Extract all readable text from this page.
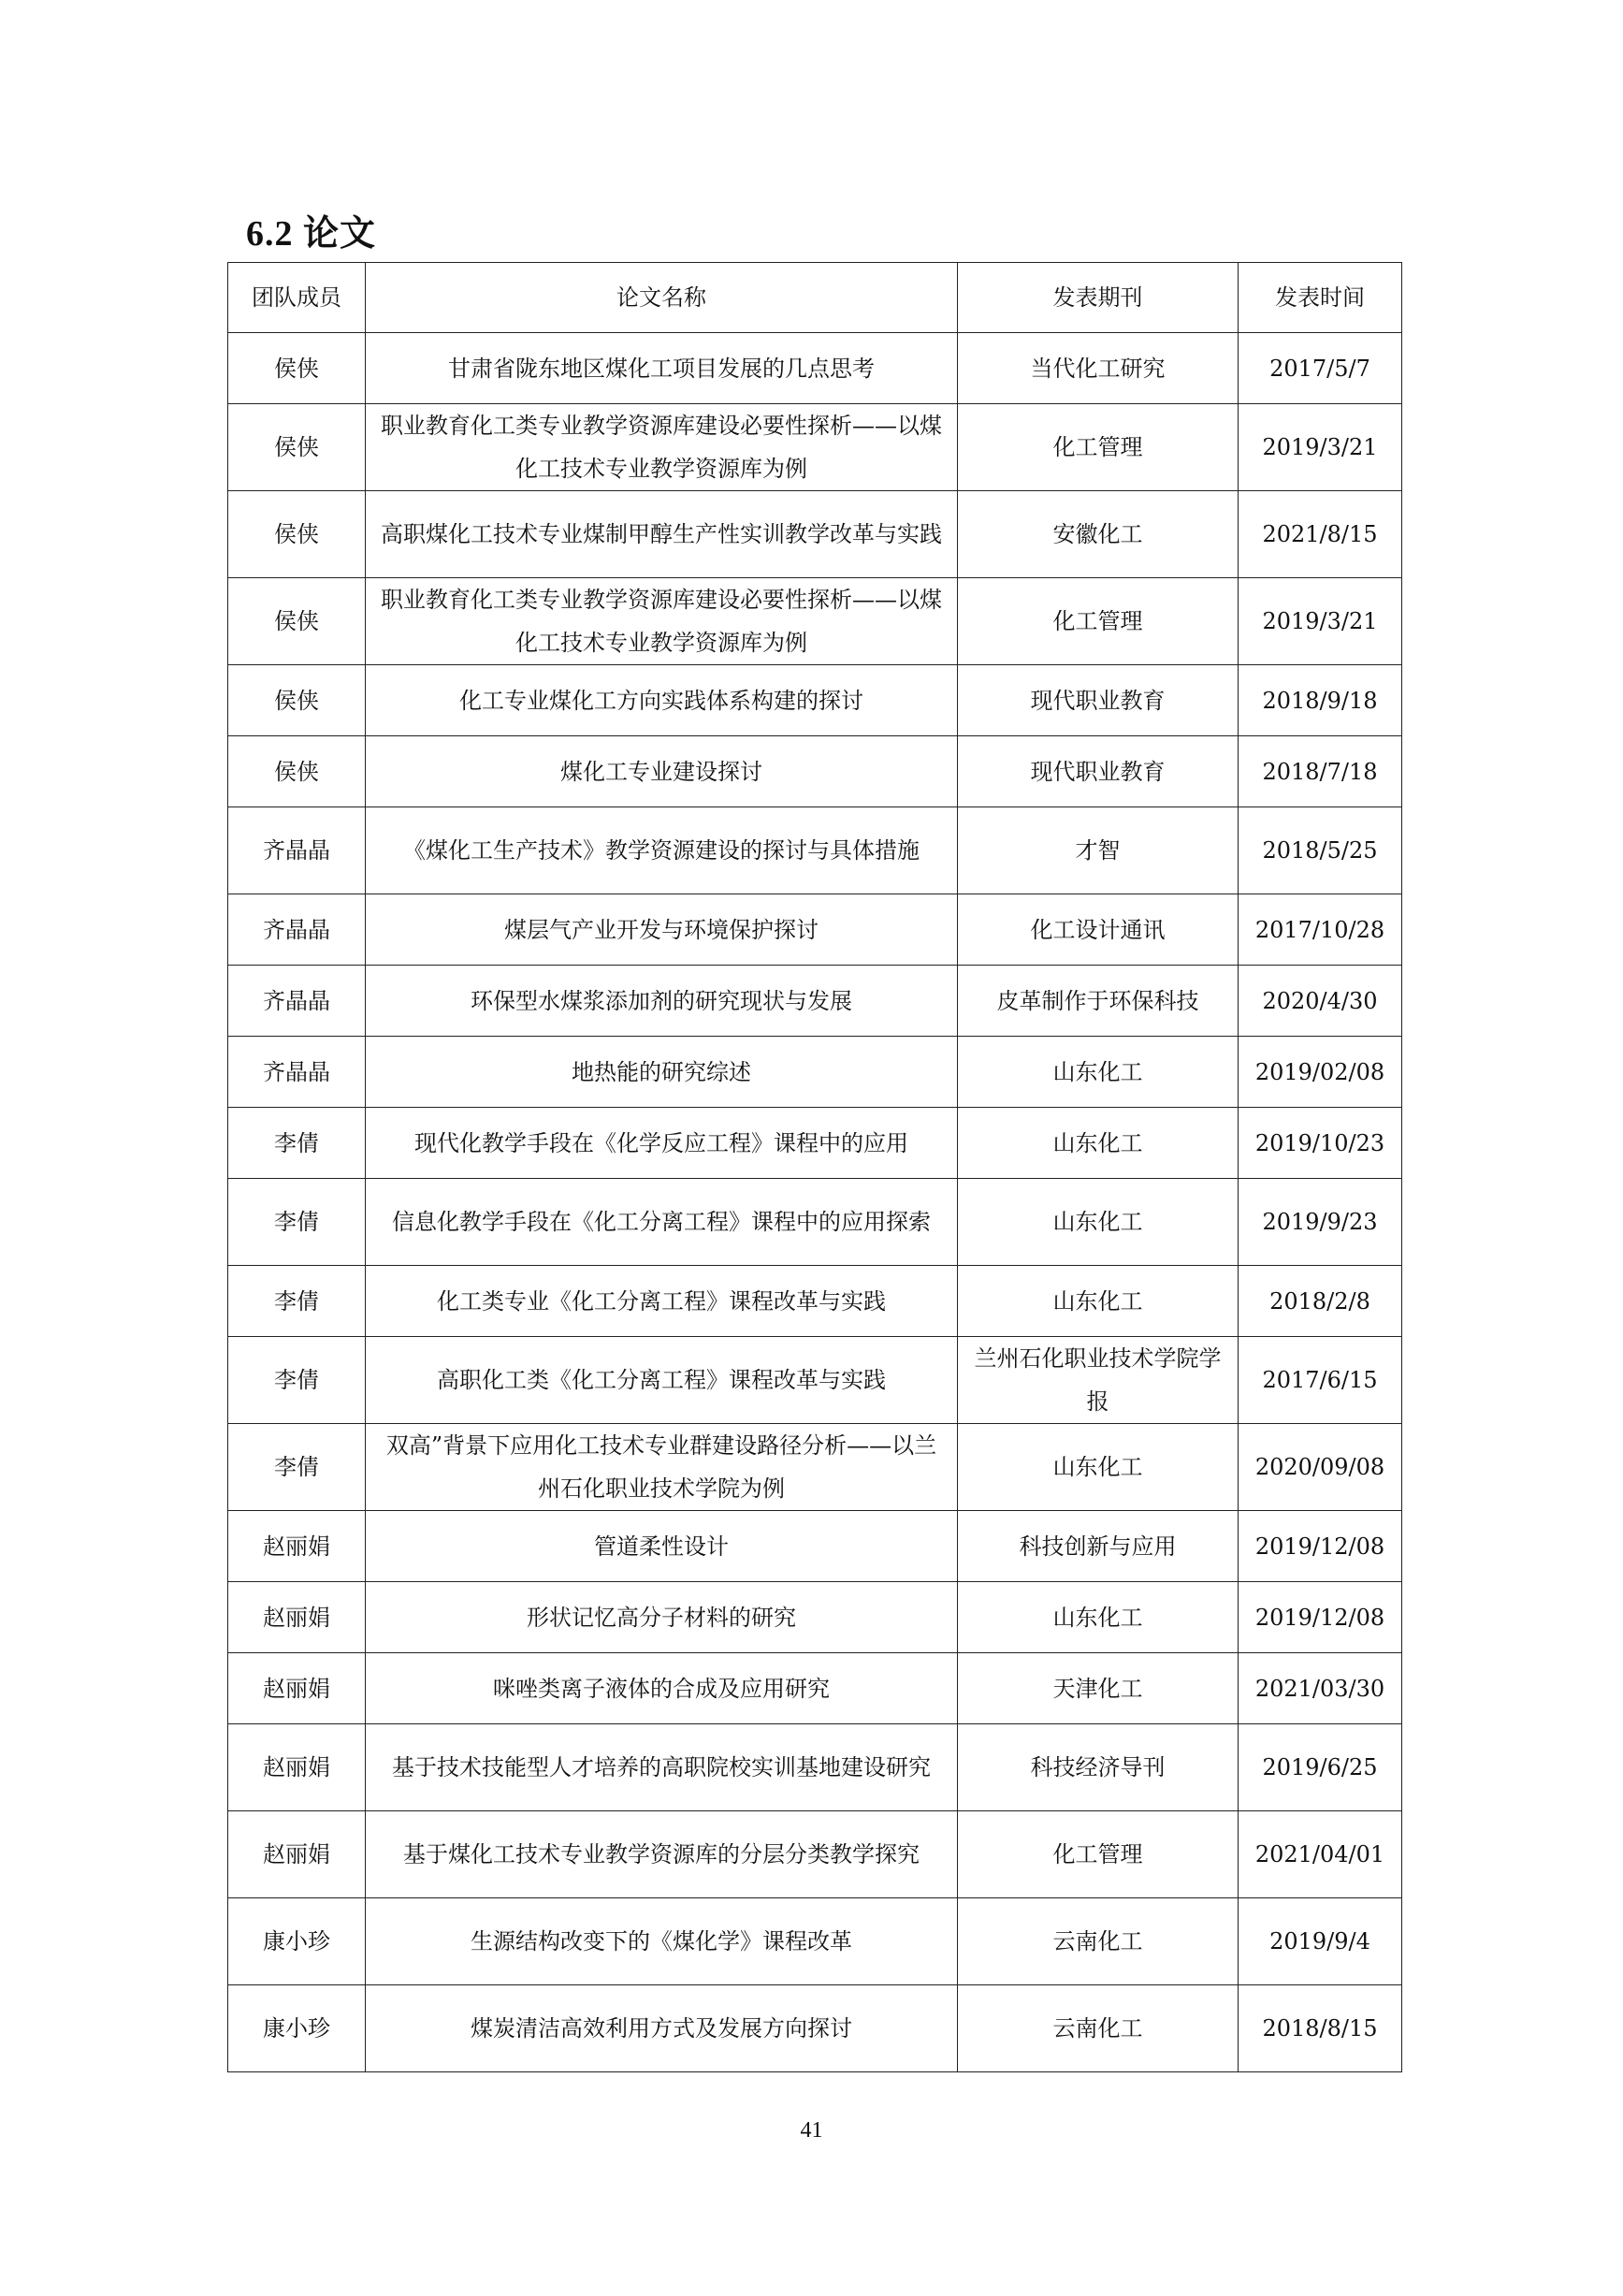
6.2 论文
团队成员	论文名称	发表期刊	发表时间
侯侠	甘肃省陇东地区煤化工项目发展的几点思考	当代化工研究	2017/5/7
侯侠	职业教育化工类专业教学资源库建设必要性探析——以煤化工技术专业教学资源库为例	化工管理	2019/3/21
侯侠	高职煤化工技术专业煤制甲醇生产性实训教学改革与实践	安徽化工	2021/8/15
侯侠	职业教育化工类专业教学资源库建设必要性探析——以煤化工技术专业教学资源库为例	化工管理	2019/3/21
侯侠	化工专业煤化工方向实践体系构建的探讨	现代职业教育	2018/9/18
侯侠	煤化工专业建设探讨	现代职业教育	2018/7/18
齐晶晶	《煤化工生产技术》教学资源建设的探讨与具体措施	才智	2018/5/25
齐晶晶	煤层气产业开发与环境保护探讨	化工设计通讯	2017/10/28
齐晶晶	环保型水煤浆添加剂的研究现状与发展	皮革制作于环保科技	2020/4/30
齐晶晶	地热能的研究综述	山东化工	2019/02/08
李倩	现代化教学手段在《化学反应工程》课程中的应用	山东化工	2019/10/23
李倩	信息化教学手段在《化工分离工程》课程中的应用探索	山东化工	2019/9/23
李倩	化工类专业《化工分离工程》课程改革与实践	山东化工	2018/2/8
李倩	高职化工类《化工分离工程》课程改革与实践	兰州石化职业技术学院学报	2017/6/15
李倩	双高”背景下应用化工技术专业群建设路径分析——以兰州石化职业技术学院为例	山东化工	2020/09/08
赵丽娟	管道柔性设计	科技创新与应用	2019/12/08
赵丽娟	形状记忆高分子材料的研究	山东化工	2019/12/08
赵丽娟	咪唑类离子液体的合成及应用研究	天津化工	2021/03/30
赵丽娟	基于技术技能型人才培养的高职院校实训基地建设研究	科技经济导刊	2019/6/25
赵丽娟	基于煤化工技术专业教学资源库的分层分类教学探究	化工管理	2021/04/01
康小珍	生源结构改变下的《煤化学》课程改革	云南化工	2019/9/4
康小珍	煤炭清洁高效利用方式及发展方向探讨	云南化工	2018/8/15
41
